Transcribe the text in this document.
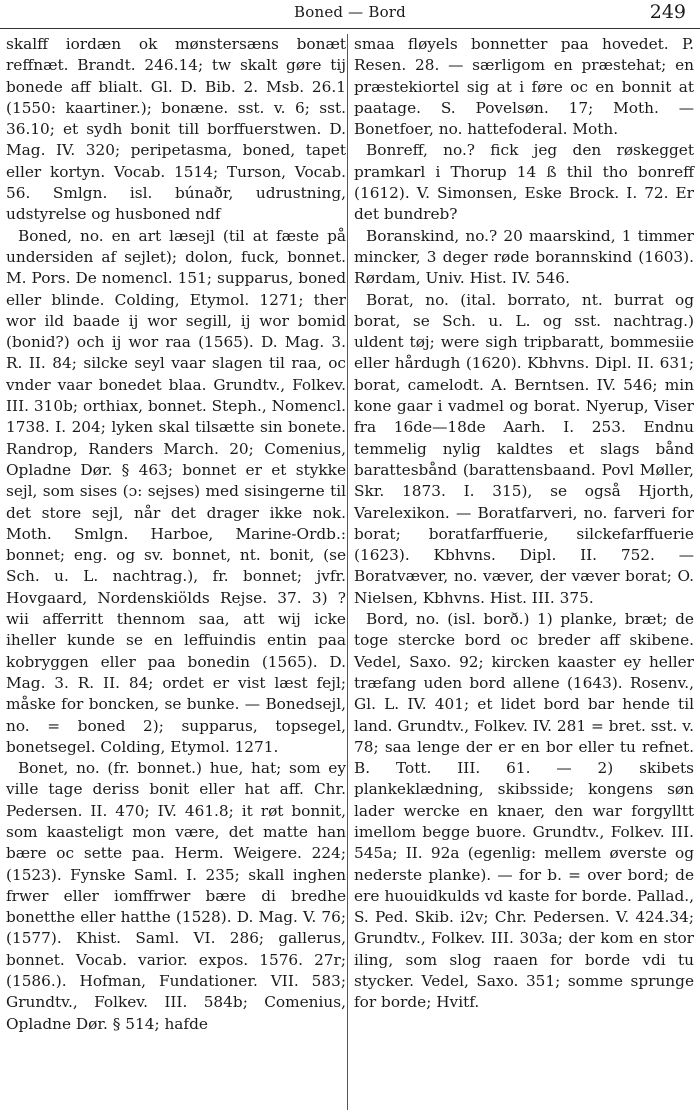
Boned — Bord	249

skalff iordæn ok mønstersæns bonæt reffnæt. Brandt. 246.14; tw skalt gøre tij bonede aff blialt. Gl. D. Bib. 2. Msb. 26.1 (1550: kaartiner.); bonæne. sst. v. 6; sst. 36.10; et sydh bonit till borffuerstwen. D. Mag. IV. 320; peripetasma, boned, tapet eller kortyn. Vocab. 1514; Turson, Vocab. 56. Smlgn. isl. búnaðr, udrustning, udstyrelse og husboned ndf

Boned, no. en art læsejl (til at fæste på undersiden af sejlet); dolon, fuck, bonnet. M. Pors. De nomencl. 151; supparus, boned eller blinde. Colding, Etymol. 1271; ther wor ild baade ij wor segill, ij wor bomid (bonid?) och ij wor raa (1565). D. Mag. 3. R. II. 84; silcke seyl vaar slagen til raa, oc vnder vaar bonedet blaa. Grundtv., Folkev. III. 310b; orthiax, bonnet. Steph., Nomencl. 1738. I. 204; lyken skal tilsætte sin bonete. Randrop, Randers March. 20; Comenius, Opladne Dør. § 463; bonnet er et stykke sejl, som sises (ɔ: sejses) med sisingerne til det store sejl, når det drager ikke nok. Moth. Smlgn. Harboe, Marine-Ordb.: bonnet; eng. og sv. bonnet, nt. bonit, (se Sch. u. L. nachtrag.), fr. bonnet; jvfr. Hovgaard, Nordenskiölds Rejse. 37. 3) ? wii afferritt thennom saa, att wij icke iheller kunde se en leffuindis entin paa kobryggen eller paa bonedin (1565). D. Mag. 3. R. II. 84; ordet er vist læst fejl; måske for boncken, se bunke. — Bonedsejl, no. = boned 2); supparus, topsegel, bonetsegel. Colding, Etymol. 1271.

Bonet, no. (fr. bonnet.) hue, hat; som ey ville tage deriss bonit eller hat aff. Chr. Pedersen. II. 470; IV. 461.8; it røt bonnit, som kaasteligt mon være, det matte han bære oc sette paa. Herm. Weigere. 224; (1523). Fynske Saml. I. 235; skall inghen frwer eller iomffrwer bære di bredhe bonetthe eller hatthe (1528). D. Mag. V. 76; (1577). Khist. Saml. VI. 286; gallerus, bonnet. Vocab. varior. expos. 1576. 27r; (1586.). Hofman, Fundationer. VII. 583; Grundtv., Folkev. III. 584b; Comenius, Opladne Dør. § 514; hafde

smaa fløyels bonnetter paa hovedet. P. Resen. 28. — særligom en præstehat; en præstekiortel sig at i føre oc en bonnit at paatage. S. Povelsøn. 17; Moth. — Bonetfoer, no. hattefoderal. Moth.

Bonreff, no.? fick jeg den røskegget pramkarl i Thorup 14 ß thil tho bonreff (1612). V. Simonsen, Eske Brock. I. 72. Er det bundreb?

Boranskind, no.? 20 maarskind, 1 timmer mincker, 3 deger røde borannskind (1603). Rørdam, Univ. Hist. IV. 546.

Borat, no. (ital. borrato, nt. burrat og borat, se Sch. u. L. og sst. nachtrag.) uldent tøj; were sigh tripbaratt, bommesiie eller hårdugh (1620). Kbhvns. Dipl. II. 631; borat, camelodt. A. Berntsen. IV. 546; min kone gaar i vadmel og borat. Nyerup, Viser fra 16de—18de Aarh. I. 253. Endnu temmelig nylig kaldtes et slags bånd barattesbånd (barattensbaand. Povl Møller, Skr. 1873. I. 315), se også Hjorth, Varelexikon. — Boratfarveri, no. farveri for borat; boratfarffuerie, silckefarffuerie (1623). Kbhvns. Dipl. II. 752. — Boratvæver, no. væver, der væver borat; O. Nielsen, Kbhvns. Hist. III. 375.

Bord, no. (isl. borð.) 1) planke, bræt; de toge stercke bord oc breder aff skibene. Vedel, Saxo. 92; kircken kaaster ey heller træfang uden bord allene (1643). Rosenv., Gl. L. IV. 401; et lidet bord bar hende til land. Grundtv., Folkev. IV. 281 = bret. sst. v. 78; saa lenge der er en bor eller tu refnet. B. Tott. III. 61. — 2) skibets plankeklædning, skibsside; kongens søn lader wercke en knaer, den war forgylltt imellom begge buore. Grundtv., Folkev. III. 545a; II. 92a (egenlig: mellem øverste og nederste planke). — for b. = over bord; de ere huouidkulds vd kaste for borde. Pallad., S. Ped. Skib. i2v; Chr. Pedersen. V. 424.34; Grundtv., Folkev. III. 303a; der kom en stor iling, som slog raaen for borde vdi tu stycker. Vedel, Saxo. 351; somme sprunge for borde; Hvitf.
